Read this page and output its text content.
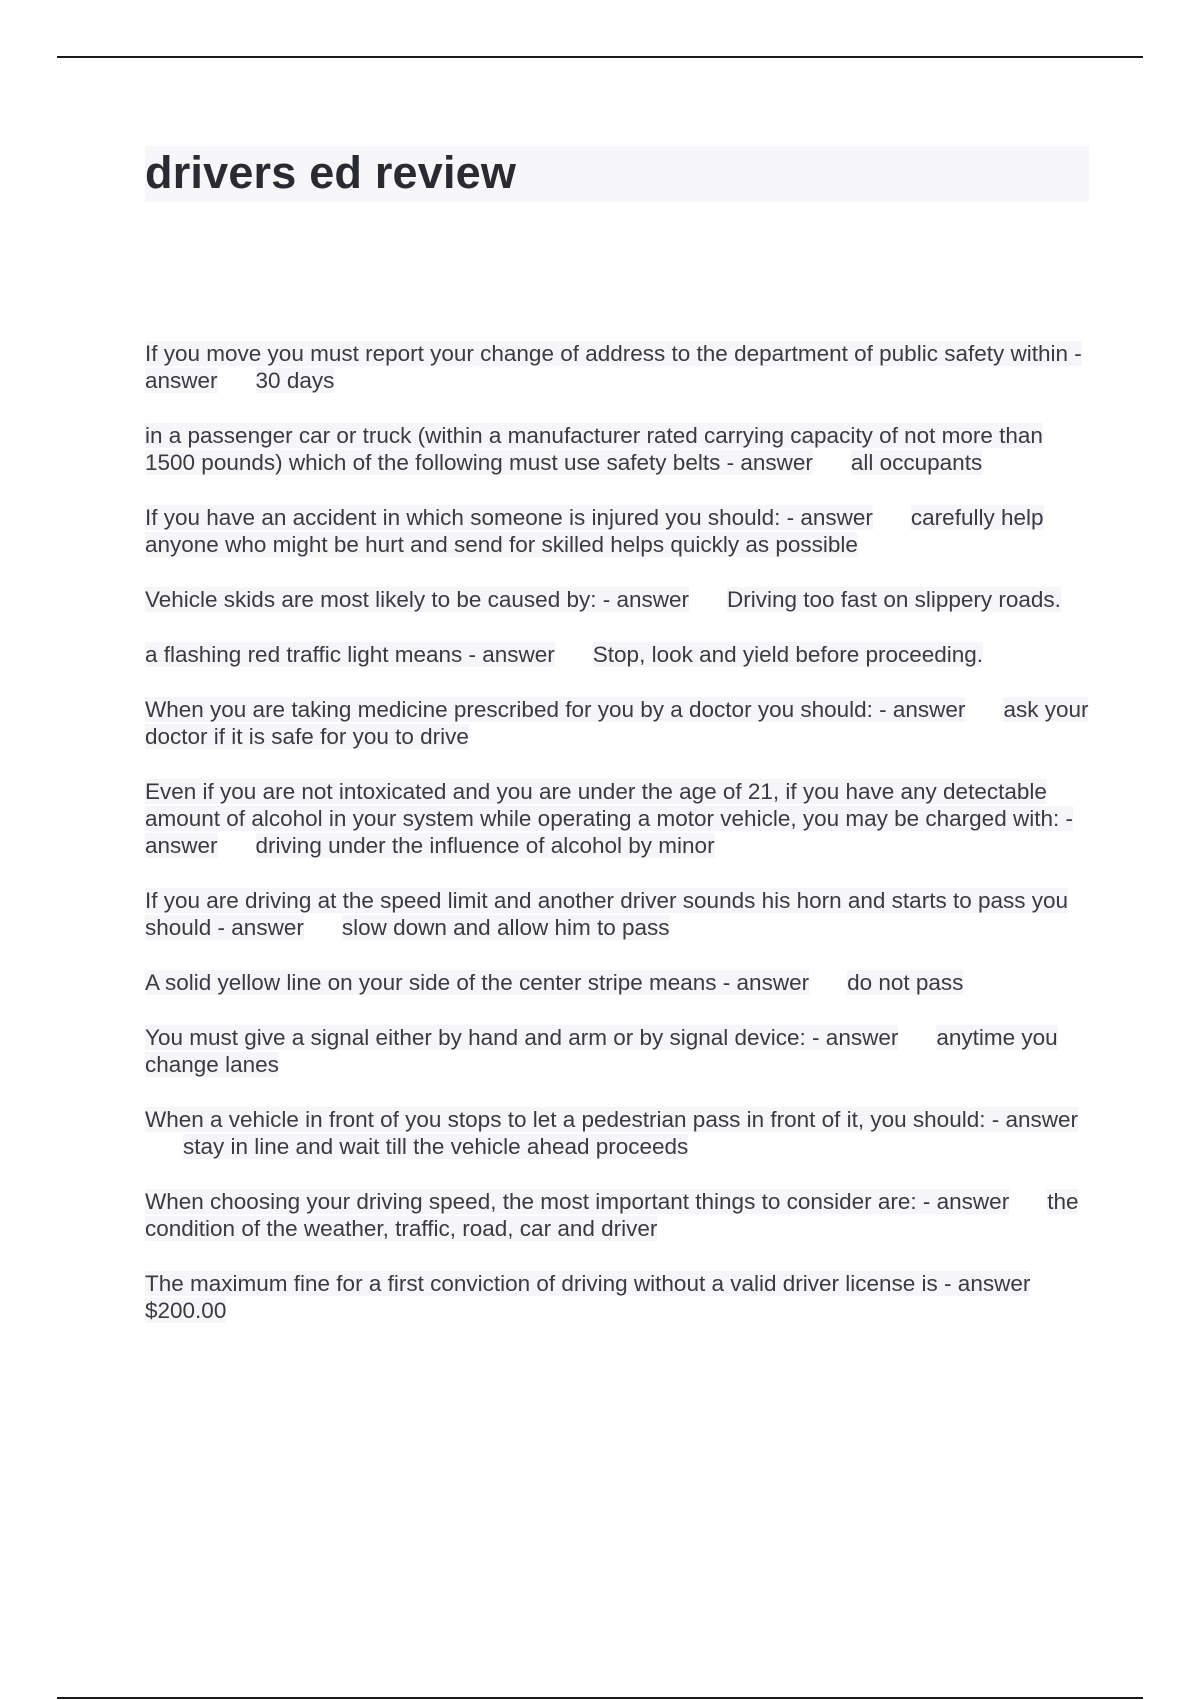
drivers ed review

If you move you must report your change of address to the department of public safety within - answer 30 days

in a passenger car or truck (within a manufacturer rated carrying capacity of not more than 1500 pounds) which of the following must use safety belts - answer all occupants

If you have an accident in which someone is injured you should: - answer carefully help anyone who might be hurt and send for skilled helps quickly as possible

Vehicle skids are most likely to be caused by: - answer Driving too fast on slippery roads.

a flashing red traffic light means - answer Stop, look and yield before proceeding.

When you are taking medicine prescribed for you by a doctor you should: - answer ask your doctor if it is safe for you to drive

Even if you are not intoxicated and you are under the age of 21, if you have any detectable amount of alcohol in your system while operating a motor vehicle, you may be charged with: - answer driving under the influence of alcohol by minor

If you are driving at the speed limit and another driver sounds his horn and starts to pass you should - answer slow down and allow him to pass

A solid yellow line on your side of the center stripe means - answer do not pass

You must give a signal either by hand and arm or by signal device: - answer anytime you change lanes

When a vehicle in front of you stops to let a pedestrian pass in front of it, you should: - answerstay in line and wait till the vehicle ahead proceeds

When choosing your driving speed, the most important things to consider are: - answer the condition of the weather, traffic, road, car and driver

The maximum fine for a first conviction of driving without a valid driver license is - answer$200.00
